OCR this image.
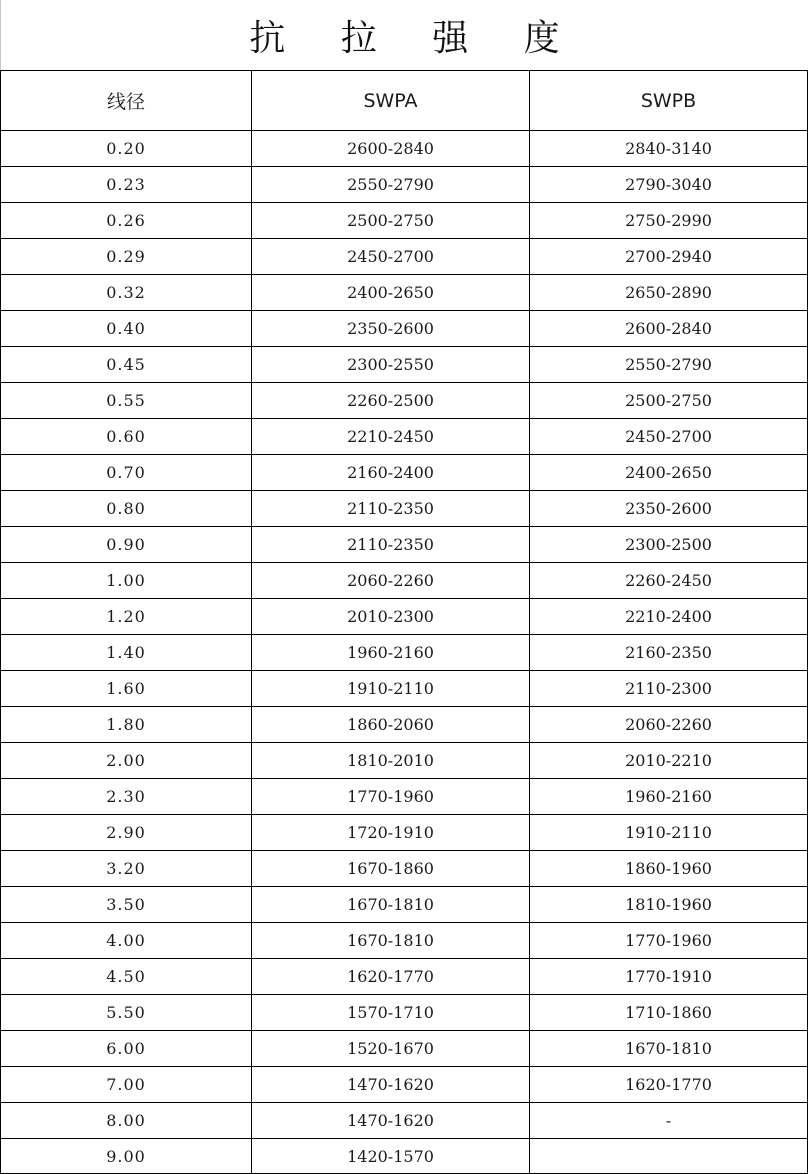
抗 拉 强 度
线径	SWPA	SWPB
0.20	2600-2840	2840-3140
0.23	2550-2790	2790-3040
0.26	2500-2750	2750-2990
0.29	2450-2700	2700-2940
0.32	2400-2650	2650-2890
0.40	2350-2600	2600-2840
0.45	2300-2550	2550-2790
0.55	2260-2500	2500-2750
0.60	2210-2450	2450-2700
0.70	2160-2400	2400-2650
0.80	2110-2350	2350-2600
0.90	2110-2350	2300-2500
1.00	2060-2260	2260-2450
1.20	2010-2300	2210-2400
1.40	1960-2160	2160-2350
1.60	1910-2110	2110-2300
1.80	1860-2060	2060-2260
2.00	1810-2010	2010-2210
2.30	1770-1960	1960-2160
2.90	1720-1910	1910-2110
3.20	1670-1860	1860-1960
3.50	1670-1810	1810-1960
4.00	1670-1810	1770-1960
4.50	1620-1770	1770-1910
5.50	1570-1710	1710-1860
6.00	1520-1670	1670-1810
7.00	1470-1620	1620-1770
8.00	1470-1620	-
9.00	1420-1570	
